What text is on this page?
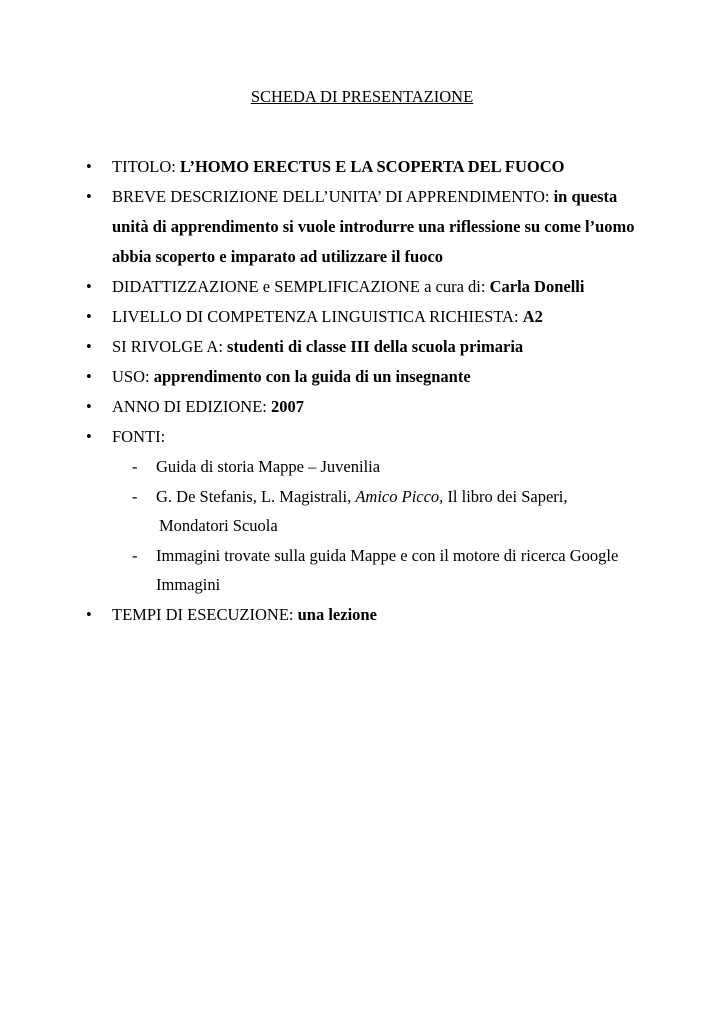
SCHEDA DI PRESENTAZIONE
•	TITOLO: L’HOMO ERECTUS E LA SCOPERTA DEL FUOCO
•	BREVE DESCRIZIONE DELL’UNITA’ DI APPRENDIMENTO: in questa
unità di apprendimento si vuole introdurre una riflessione su come l’uomo
abbia scoperto e imparato ad utilizzare il fuoco
•	DIDATTIZZAZIONE e SEMPLIFICAZIONE a cura di: Carla Donelli
•	LIVELLO DI COMPETENZA LINGUISTICA RICHIESTA: A2
•	SI RIVOLGE A: studenti di classe III della scuola primaria
•	USO: apprendimento con la guida di un insegnante
•	ANNO DI EDIZIONE: 2007
•	FONTI:
- Guida di storia Mappe – Juvenilia
- G. De Stefanis, L. Magistrali, Amico Picco, Il libro dei Saperi,
Mondatori Scuola
- Immagini trovate sulla guida Mappe e con il motore di ricerca Google
Immagini
•	TEMPI DI ESECUZIONE: una lezione
